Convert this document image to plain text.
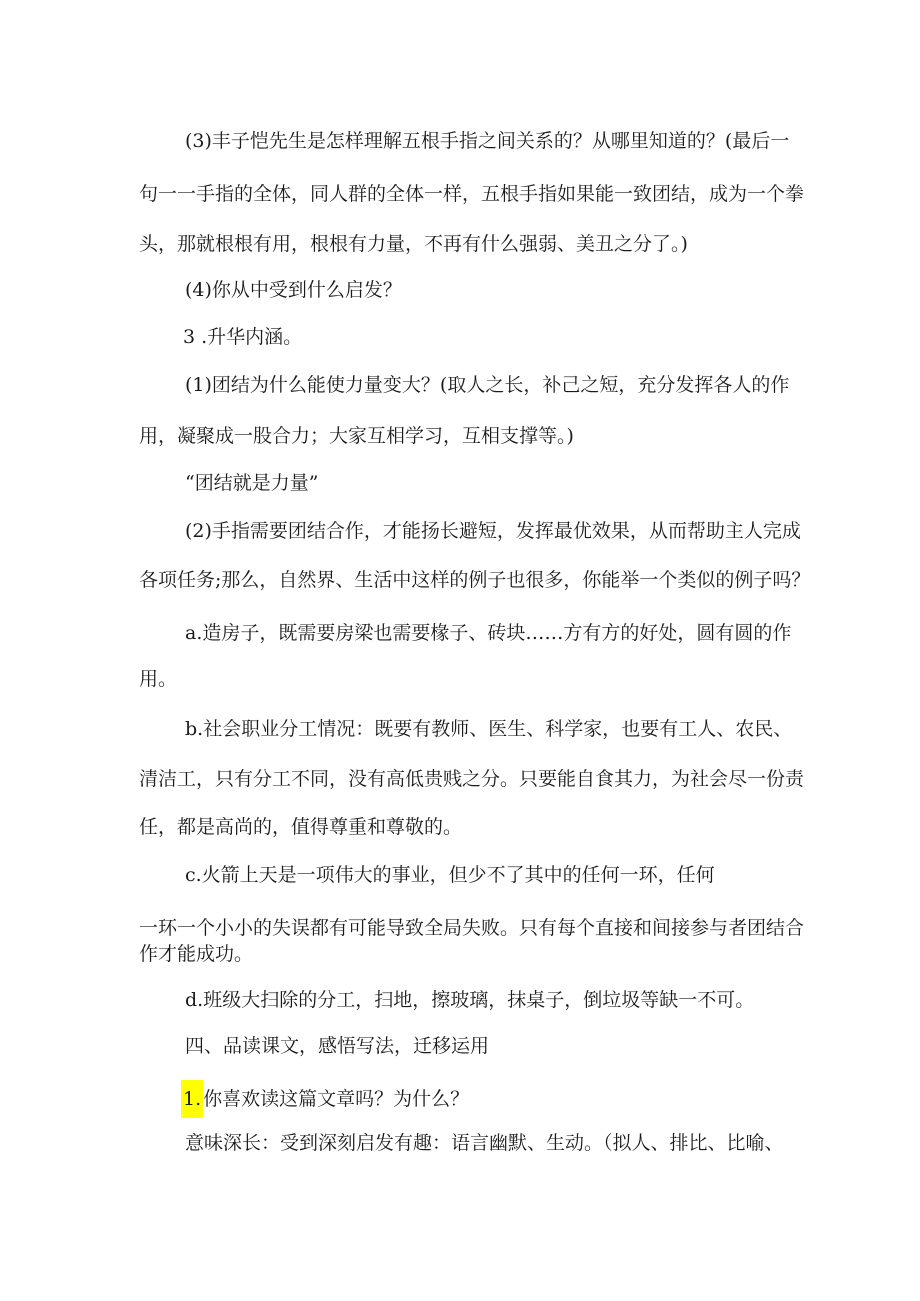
(3)丰子恺先生是怎样理解五根手指之间关系的？从哪里知道的？(最后一
句一一手指的全体，同人群的全体一样，五根手指如果能一致团结，成为一个拳
头，那就根根有用，根根有力量，不再有什么强弱、美丑之分了。)
(4)你从中受到什么启发？
3 .升华内涵。
(1)团结为什么能使力量变大？(取人之长，补己之短，充分发挥各人的作
用，凝聚成一股合力；大家互相学习，互相支撑等。)
“团结就是力量”
(2)手指需要团结合作，才能扬长避短，发挥最优效果，从而帮助主人完成
各项任务;那么，自然界、生活中这样的例子也很多，你能举一个类似的例子吗？
a.造房子，既需要房梁也需要椽子、砖块……方有方的好处，圆有圆的作
用。
b.社会职业分工情况：既要有教师、医生、科学家，也要有工人、农民、
清洁工，只有分工不同，没有高低贵贱之分。只要能自食其力，为社会尽一份责
任，都是高尚的，值得尊重和尊敬的。
c.火箭上天是一项伟大的事业，但少不了其中的任何一环，任何
一环一个小小的失误都有可能导致全局失败。只有每个直接和间接参与者团结合
作才能成功。
d.班级大扫除的分工，扫地，擦玻璃，抹桌子，倒垃圾等缺一不可。
四、品读课文，感悟写法，迁移运用
1. 你喜欢读这篇文章吗？为什么？
意味深长：受到深刻启发有趣：语言幽默、生动。（拟人、排比、比喻、
